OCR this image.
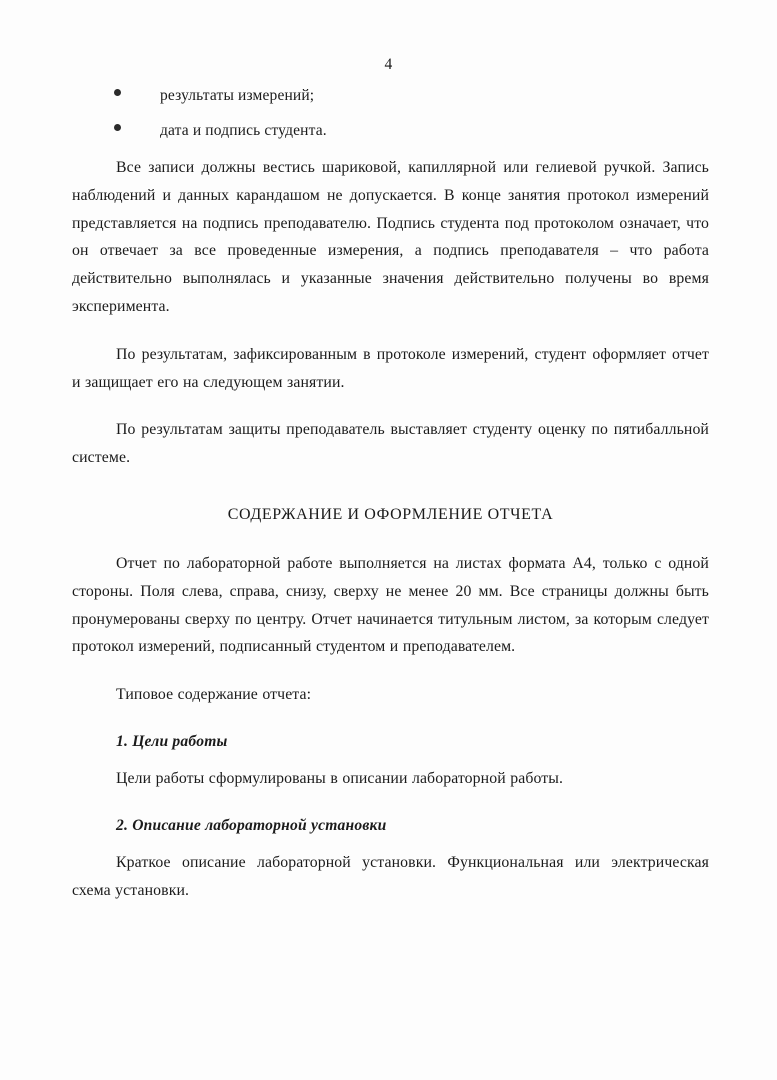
4
результаты измерений;
дата и подпись студента.

Все записи должны вестись шариковой, капиллярной или гелиевой ручкой. Запись наблюдений и данных карандашом не допускается. В конце занятия протокол измерений представляется на подпись преподавателю. Подпись студента под протоколом означает, что он отвечает за все проведенные измерения, а подпись преподавателя – что работа действительно выполнялась и указанные значения действительно получены во время эксперимента.

По результатам, зафиксированным в протоколе измерений, студент оформляет отчет и защищает его на следующем занятии.

По результатам защиты преподаватель выставляет студенту оценку по пятибалльной системе.

СОДЕРЖАНИЕ И ОФОРМЛЕНИЕ ОТЧЕТА

Отчет по лабораторной работе выполняется на листах формата А4, только с одной стороны. Поля слева, справа, снизу, сверху не менее 20 мм. Все страницы должны быть пронумерованы сверху по центру. Отчет начинается титульным листом, за которым следует протокол измерений, подписанный студентом и преподавателем.

Типовое содержание отчета:

1. Цели работы

Цели работы сформулированы в описании лабораторной работы.

2. Описание лабораторной установки

Краткое описание лабораторной установки. Функциональная или электрическая схема установки.
